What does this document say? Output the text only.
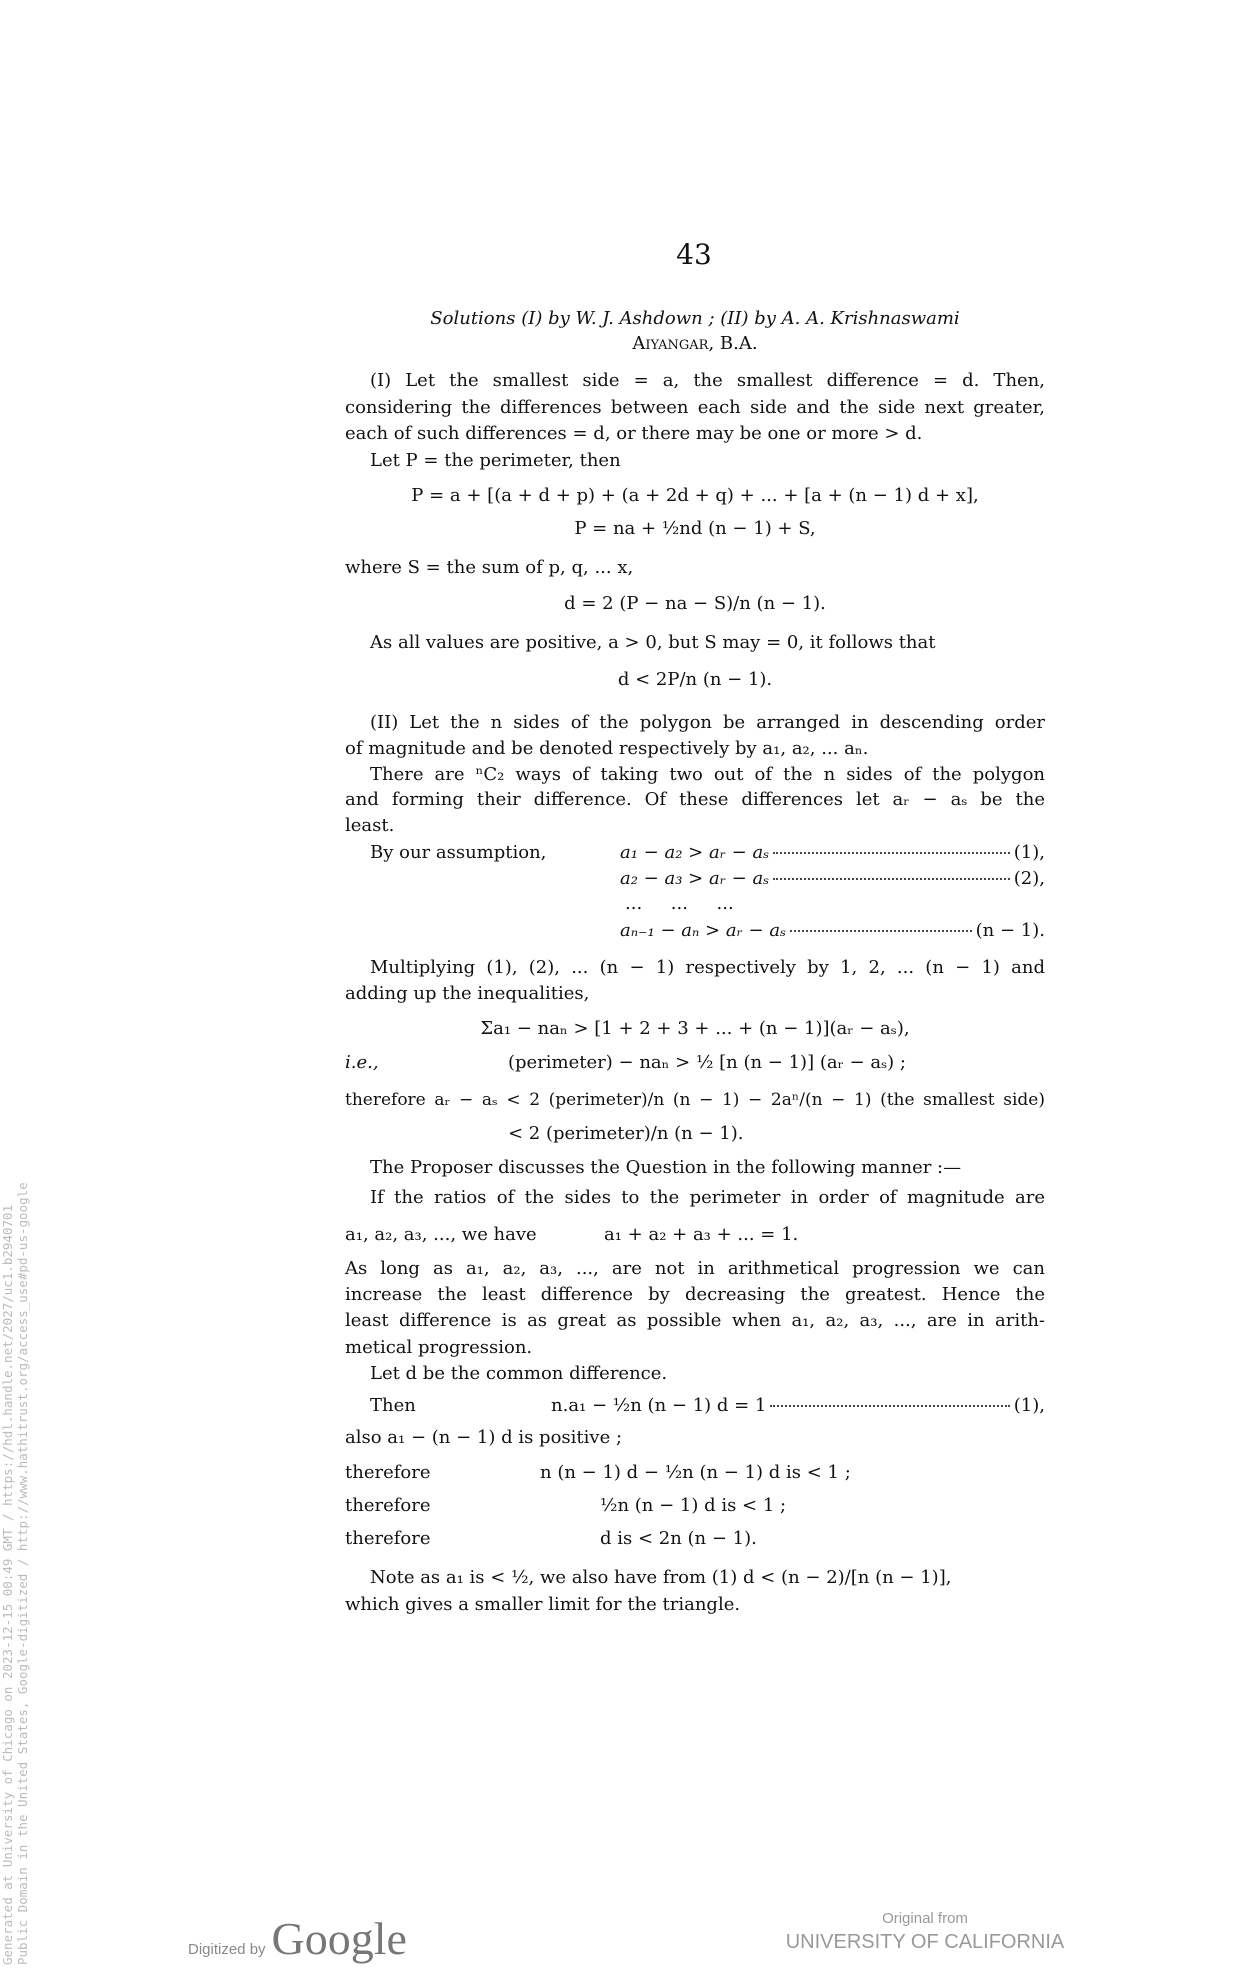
43
Solutions (I) by W. J. Ashdown ; (II) by A. A. Krishnaswami
Aiyangar, B.A.
(I) Let the smallest side = a, the smallest difference = d. Then,
considering the differences between each side and the side next greater,
each of such differences = d, or there may be one or more > d.
Let P = the perimeter, then
P = a + [(a + d + p) + (a + 2d + q) + ... + [a + (n − 1) d + x],
P = na + ½nd (n − 1) + S,
where S = the sum of p, q, ... x,
d = 2 (P − na − S)/n (n − 1).
As all values are positive, a > 0, but S may = 0, it follows that
d < 2P/n (n − 1).
(II) Let the n sides of the polygon be arranged in descending order
of magnitude and be denoted respectively by a₁, a₂, ... aₙ.
There are ⁿC₂ ways of taking two out of the n sides of the polygon
and forming their difference. Of these differences let aᵣ − aₛ be the
least.
By our assumption,	a₁ − a₂ > aᵣ − aₛ	(1),
a₂ − a₃ > aᵣ − aₛ	(2),
...     ...     ...
aₙ₋₁ − aₙ > aᵣ − aₛ	(n − 1).
Multiplying (1), (2), ... (n − 1) respectively by 1, 2, ... (n − 1) and
adding up the inequalities,
Σa₁ − naₙ > [1 + 2 + 3 + ... + (n − 1)](aᵣ − aₛ),
i.e.,	(perimeter) − naₙ > ½ [n (n − 1)] (aᵣ − aₛ) ;
therefore aᵣ − aₛ < 2 (perimeter)/n (n − 1) − 2aⁿ/(n − 1) (the smallest side)
< 2 (perimeter)/n (n − 1).
The Proposer discusses the Question in the following manner :—
If the ratios of the sides to the perimeter in order of magnitude are
a₁, a₂, a₃, ..., we have	a₁ + a₂ + a₃ + ... = 1.
As long as a₁, a₂, a₃, ..., are not in arithmetical progression we can
increase the least difference by decreasing the greatest. Hence the
least difference is as great as possible when a₁, a₂, a₃, ..., are in arith-
metical progression.
Let d be the common difference.
Then	n.a₁ − ½n (n − 1) d = 1	(1),
also a₁ − (n − 1) d is positive ;
therefore	n (n − 1) d − ½n (n − 1) d is < 1 ;
therefore	½n (n − 1) d is < 1 ;
therefore	d is < 2n (n − 1).
Note as a₁ is < ½, we also have from (1) d < (n − 2)/[n (n − 1)],
which gives a smaller limit for the triangle.
Generated at University of Chicago on 2023-12-15 00:49 GMT / https://hdl.handle.net/2027/uc1.b2940701 Public Domain in the United States, Google-digitized / http://www.hathitrust.org/access_use#pd-us-google	Digitized by Google	Original from
UNIVERSITY OF CALIFORNIA
